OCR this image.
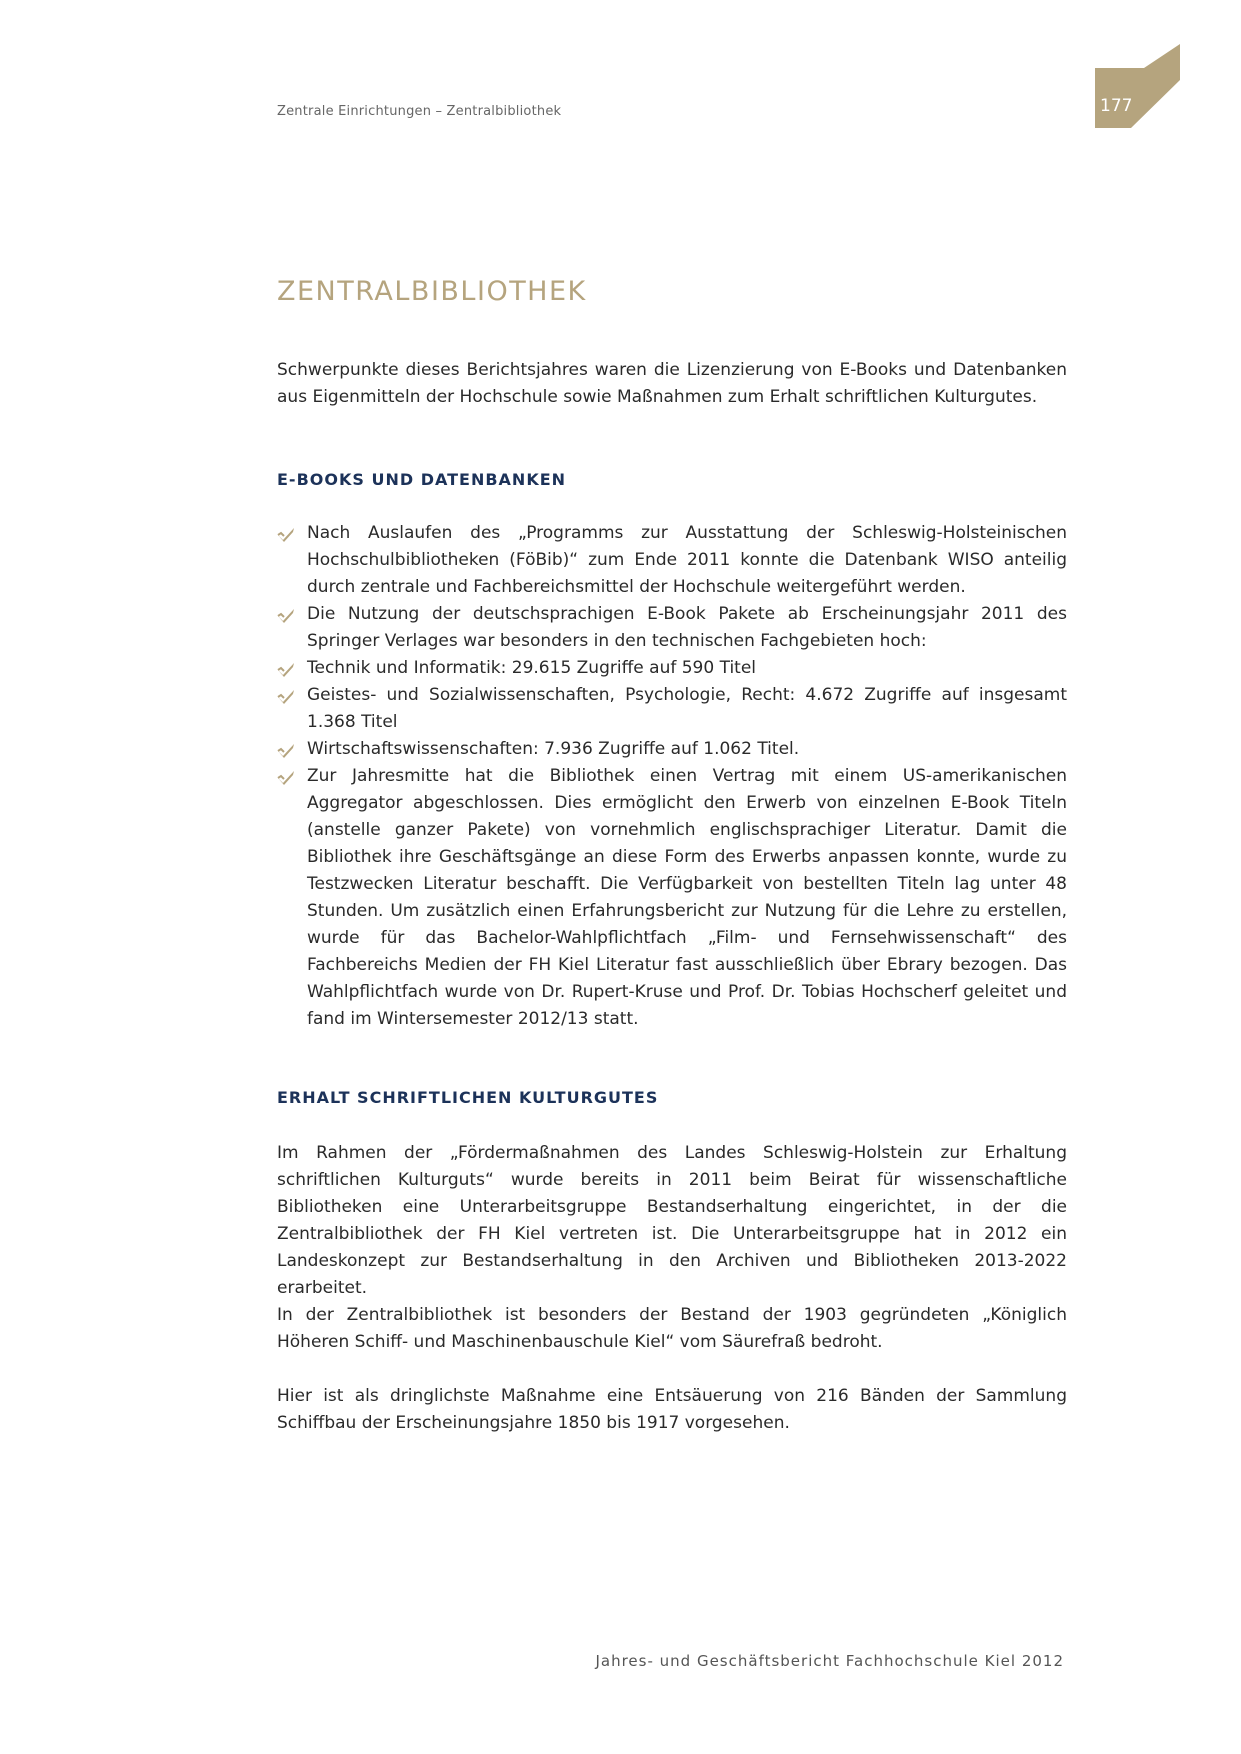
Zentrale Einrichtungen – Zentralbibliothek	177
ZENTRALBIBLIOTHEK

Schwerpunkte dieses Berichtsjahres waren die Lizenzierung von E-Books und Datenbanken aus Eigenmitteln der Hochschule sowie Maßnahmen zum Erhalt schriftlichen Kulturgutes.

E-BOOKS UND DATENBANKEN
Nach Auslaufen des „Programms zur Ausstattung der Schleswig-Holsteinischen Hochschulbibliotheken (FöBib)“ zum Ende 2011 konnte die Datenbank WISO anteilig durch zentrale und Fachbereichsmittel der Hochschule weitergeführt werden.
Die Nutzung der deutschsprachigen E-Book Pakete ab Erscheinungsjahr 2011 des Springer Verlages war besonders in den technischen Fachgebieten hoch:
Technik und Informatik: 29.615 Zugriffe auf 590 Titel
Geistes- und Sozialwissenschaften, Psychologie, Recht: 4.672 Zugriffe auf insgesamt 1.368 Titel
Wirtschaftswissenschaften: 7.936 Zugriffe auf 1.062 Titel.
Zur Jahresmitte hat die Bibliothek einen Vertrag mit einem US-amerikanischen Aggregator abgeschlossen. Dies ermöglicht den Erwerb von einzelnen E-Book Titeln (anstelle ganzer Pakete) von vornehmlich englischsprachiger Literatur. Damit die Bibliothek ihre Geschäftsgänge an diese Form des Erwerbs anpassen konnte, wurde zu Testzwecken Literatur beschafft. Die Verfügbarkeit von bestellten Titeln lag unter 48 Stunden. Um zusätzlich einen Erfahrungsbericht zur Nutzung für die Lehre zu erstellen, wurde für das Bachelor-Wahlpflichtfach „Film- und Fernsehwissenschaft“ des Fachbereichs Medien der FH Kiel Literatur fast ausschließlich über Ebrary bezogen. Das Wahlpflichtfach wurde von Dr. Rupert-Kruse und Prof. Dr. Tobias Hochscherf geleitet und fand im Wintersemester 2012/13 statt.
ERHALT SCHRIFTLICHEN KULTURGUTES

Im Rahmen der „Fördermaßnahmen des Landes Schleswig-Holstein zur Erhaltung schriftlichen Kulturguts“ wurde bereits in 2011 beim Beirat für wissenschaftliche Bibliotheken eine Unterarbeitsgruppe Bestandserhaltung eingerichtet, in der die Zentralbibliothek der FH Kiel vertreten ist. Die Unterarbeitsgruppe hat in 2012 ein Landeskonzept zur Bestandserhaltung in den Archiven und Bibliotheken 2013-2022 erarbeitet.

In der Zentralbibliothek ist besonders der Bestand der 1903 gegründeten „Königlich Höheren Schiff- und Maschinenbauschule Kiel“ vom Säurefraß bedroht.

Hier ist als dringlichste Maßnahme eine Entsäuerung von 216 Bänden der Sammlung Schiffbau der Erscheinungsjahre 1850 bis 1917 vorgesehen.

Jahres- und Geschäftsbericht Fachhochschule Kiel 2012
